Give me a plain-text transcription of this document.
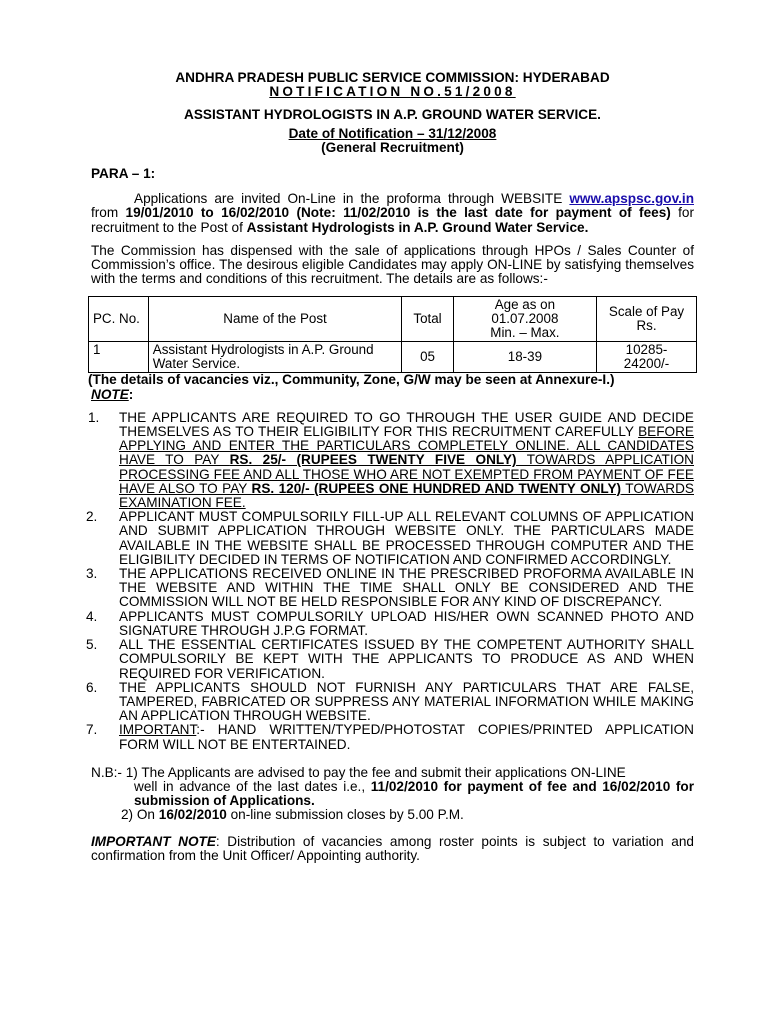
ANDHRA PRADESH PUBLIC SERVICE COMMISSION: HYDERABAD

NOTIFICATION NO.51/2008

ASSISTANT HYDROLOGISTS IN A.P. GROUND WATER SERVICE.

Date of Notification – 31/12/2008

(General Recruitment)

PARA – 1:

Applications are invited On-Line in the proforma through WEBSITE www.apspsc.gov.in from 19/01/2010 to 16/02/2010 (Note: 11/02/2010 is the last date for payment of fees) for recruitment to the Post of Assistant Hydrologists in A.P. Ground Water Service.

The Commission has dispensed with the sale of applications through HPOs / Sales Counter of Commission’s office. The desirous eligible Candidates may apply ON-LINE by satisfying themselves with the terms and conditions of this recruitment. The details are as follows:-

PC. No.	Name of the Post	Total	Age as on
01.07.2008
Min. – Max.	Scale of Pay Rs.
1	Assistant Hydrologists in A.P. Ground Water Service.	05	18-39	10285-
24200/-

(The details of vacancies viz., Community, Zone, G/W may be seen at Annexure-I.)

NOTE:

1. THE APPLICANTS ARE REQUIRED TO GO THROUGH THE USER GUIDE AND DECIDE THEMSELVES AS TO THEIR ELIGIBILITY FOR THIS RECRUITMENT CAREFULLY BEFORE APPLYING AND ENTER THE PARTICULARS COMPLETELY ONLINE. ALL CANDIDATES HAVE TO PAY RS. 25/- (RUPEES TWENTY FIVE ONLY) TOWARDS APPLICATION PROCESSING FEE AND ALL THOSE WHO ARE NOT EXEMPTED FROM PAYMENT OF FEE HAVE ALSO TO PAY RS. 120/- (RUPEES ONE HUNDRED AND TWENTY ONLY) TOWARDS EXAMINATION FEE.
2. APPLICANT MUST COMPULSORILY FILL-UP ALL RELEVANT COLUMNS OF APPLICATION AND SUBMIT APPLICATION THROUGH WEBSITE ONLY. THE PARTICULARS MADE AVAILABLE IN THE WEBSITE SHALL BE PROCESSED THROUGH COMPUTER AND THE ELIGIBILITY DECIDED IN TERMS OF NOTIFICATION AND CONFIRMED ACCORDINGLY.
3. THE APPLICATIONS RECEIVED ONLINE IN THE PRESCRIBED PROFORMA AVAILABLE IN THE WEBSITE AND WITHIN THE TIME SHALL ONLY BE CONSIDERED AND THE COMMISSION WILL NOT BE HELD RESPONSIBLE FOR ANY KIND OF DISCREPANCY.
4. APPLICANTS MUST COMPULSORILY UPLOAD HIS/HER OWN SCANNED PHOTO AND SIGNATURE THROUGH J.P.G FORMAT.
5. ALL THE ESSENTIAL CERTIFICATES ISSUED BY THE COMPETENT AUTHORITY SHALL COMPULSORILY BE KEPT WITH THE APPLICANTS TO PRODUCE AS AND WHEN REQUIRED FOR VERIFICATION.
6. THE APPLICANTS SHOULD NOT FURNISH ANY PARTICULARS THAT ARE FALSE, TAMPERED, FABRICATED OR SUPPRESS ANY MATERIAL INFORMATION WHILE MAKING AN APPLICATION THROUGH WEBSITE.
7. IMPORTANT:- HAND WRITTEN/TYPED/PHOTOSTAT COPIES/PRINTED APPLICATION FORM WILL NOT BE ENTERTAINED.

N.B:- 1) The Applicants are advised to pay the fee and submit their applications ON-LINE

well in advance of the last dates i.e., 11/02/2010 for payment of fee and 16/02/2010 for submission of Applications.

2) On 16/02/2010 on-line submission closes by 5.00 P.M.

IMPORTANT NOTE: Distribution of vacancies among roster points is subject to variation and confirmation from the Unit Officer/ Appointing authority.
